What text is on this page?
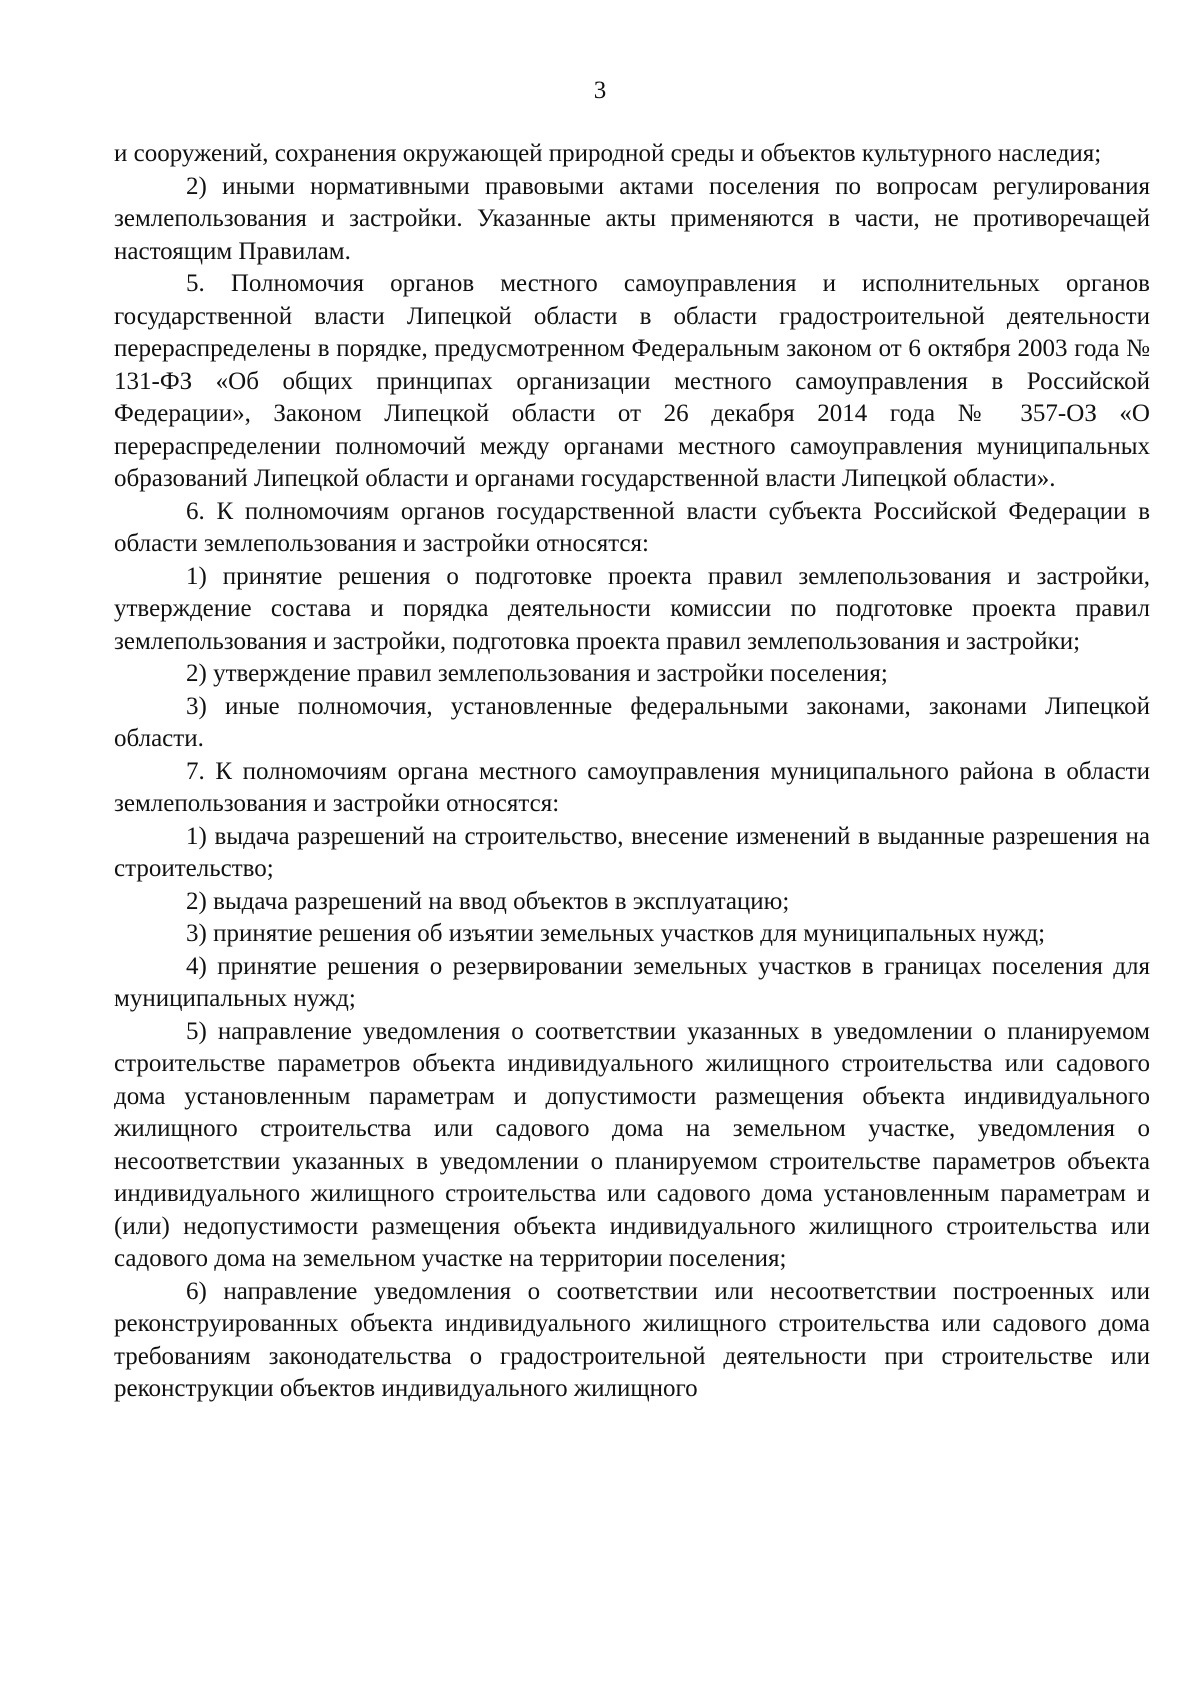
3

и сооружений, сохранения окружающей природной среды и объектов культурного наследия;

2) иными нормативными правовыми актами поселения по вопросам регулирования землепользования и застройки. Указанные акты применяются в части, не противоречащей настоящим Правилам.

5. Полномочия органов местного самоуправления и исполнительных органов государственной власти Липецкой области в области градостроительной деятельности перераспределены в порядке, предусмотренном Федеральным законом от 6 октября 2003 года № 131-ФЗ «Об общих принципах организации местного самоуправления в Российской Федерации», Законом Липецкой области от 26 декабря 2014 года № 357-ОЗ «О перераспределении полномочий между органами местного самоуправления муниципальных образований Липецкой области и органами государственной власти Липецкой области».

6. К полномочиям органов государственной власти субъекта Российской Федерации в области землепользования и застройки относятся:

1) принятие решения о подготовке проекта правил землепользования и застройки, утверждение состава и порядка деятельности комиссии по подготовке проекта правил землепользования и застройки, подготовка проекта правил землепользования и застройки;

2) утверждение правил землепользования и застройки поселения;

3) иные полномочия, установленные федеральными законами, законами Липецкой области.

7. К полномочиям органа местного самоуправления муниципального района в области землепользования и застройки относятся:

1) выдача разрешений на строительство, внесение изменений в выданные разрешения на строительство;

2) выдача разрешений на ввод объектов в эксплуатацию;

3) принятие решения об изъятии земельных участков для муниципальных нужд;

4) принятие решения о резервировании земельных участков в границах поселения для муниципальных нужд;

5) направление уведомления о соответствии указанных в уведомлении о планируемом строительстве параметров объекта индивидуального жилищного строительства или садового дома установленным параметрам и допустимости размещения объекта индивидуального жилищного строительства или садового дома на земельном участке, уведомления о несоответствии указанных в уведомлении о планируемом строительстве параметров объекта индивидуального жилищного строительства или садового дома установленным параметрам и (или) недопустимости размещения объекта индивидуального жилищного строительства или садового дома на земельном участке на территории поселения;

6) направление уведомления о соответствии или несоответствии построенных или реконструированных объекта индивидуального жилищного строительства или садового дома требованиям законодательства о градостроительной деятельности при строительстве или реконструкции объектов индивидуального жилищного
